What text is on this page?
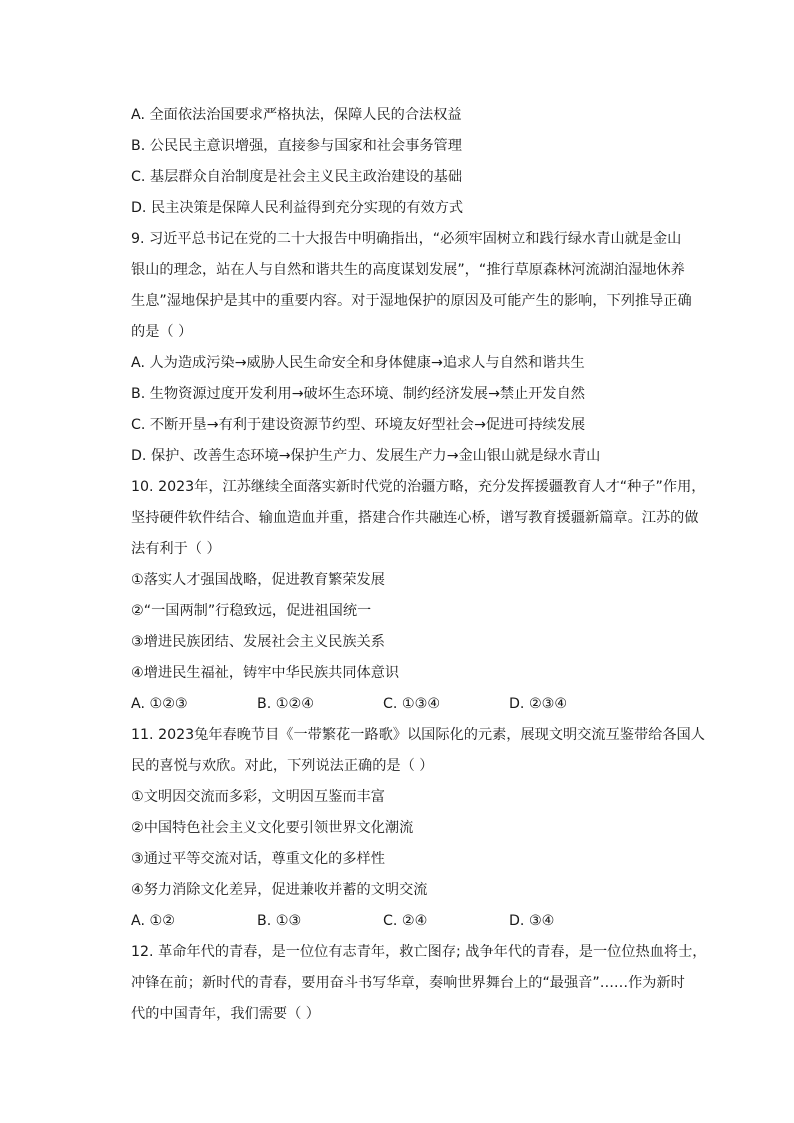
A. 全面依法治国要求严格执法，保障人民的合法权益
B. 公民民主意识增强，直接参与国家和社会事务管理
C. 基层群众自治制度是社会主义民主政治建设的基础
D. 民主决策是保障人民利益得到充分实现的有效方式
9. 习近平总书记在党的二十大报告中明确指出，“必须牢固树立和践行绿水青山就是金山
银山的理念，站在人与自然和谐共生的高度谋划发展”，“推行草原森林河流湖泊湿地休养
生息”湿地保护是其中的重要内容。对于湿地保护的原因及可能产生的影响，下列推导正确
的是（ ）
A. 人为造成污染→威胁人民生命安全和身体健康→追求人与自然和谐共生
B. 生物资源过度开发利用→破坏生态环境、制约经济发展→禁止开发自然
C. 不断开垦→有利于建设资源节约型、环境友好型社会→促进可持续发展
D. 保护、改善生态环境→保护生产力、发展生产力→金山银山就是绿水青山
10. 2023年，江苏继续全面落实新时代党的治疆方略，充分发挥援疆教育人才“种子”作用，
坚持硬件软件结合、输血造血并重，搭建合作共融连心桥，谱写教育援疆新篇章。江苏的做
法有利于（ ）
①落实人才强国战略，促进教育繁荣发展
②“一国两制”行稳致远，促进祖国统一
③增进民族团结、发展社会主义民族关系
④增进民生福祉，铸牢中华民族共同体意识
A. ①②③	B. ①②④	C. ①③④	D. ②③④
11. 2023兔年春晚节目《一带繁花一路歌》以国际化的元素，展现文明交流互鉴带给各国人
民的喜悦与欢欣。对此，下列说法正确的是（ ）
①文明因交流而多彩，文明因互鉴而丰富
②中国特色社会主义文化要引领世界文化潮流
③通过平等交流对话，尊重文化的多样性
④努力消除文化差异，促进兼收并蓄的文明交流
A. ①②	B. ①③	C. ②④	D. ③④
12. 革命年代的青春，是一位位有志青年，救亡图存; 战争年代的青春，是一位位热血将士，
冲锋在前；新时代的青春，要用奋斗书写华章，奏响世界舞台上的“最强音”……作为新时
代的中国青年，我们需要（ ）
